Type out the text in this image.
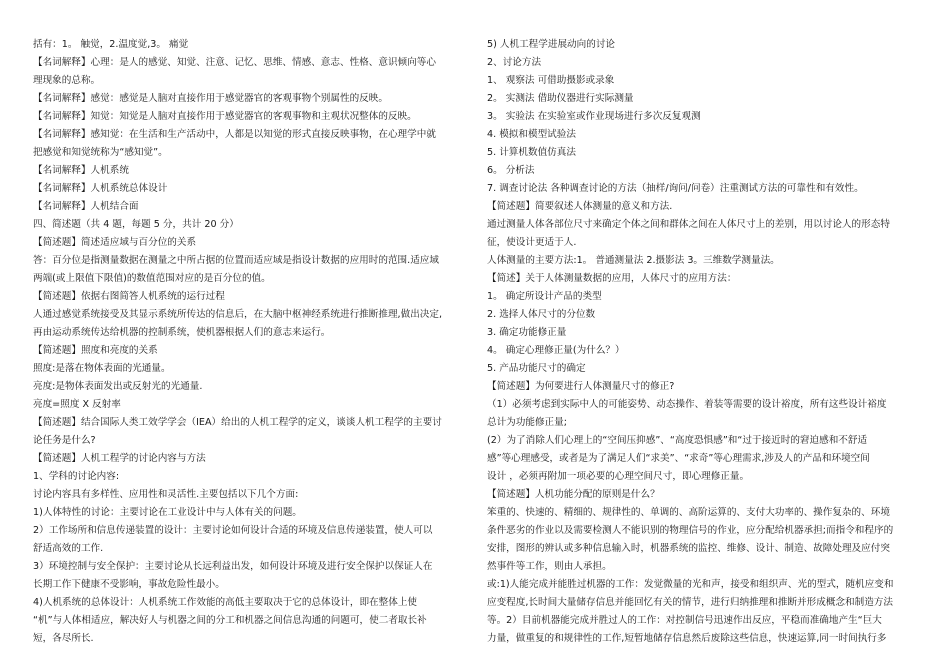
括有：1。 触觉，2.温度觉,3。 痛觉
【名词解释】心理：是人的感觉、知觉、注意、记忆、思维、情感、意志、性格、意识倾向等心
理现象的总称。
【名词解释】感觉：感觉是人脑对直接作用于感觉器官的客观事物个别属性的反映。
【名词解释】知觉：知觉是人脑对直接作用于感觉器官的客观事物和主观状况整体的反映。
【名词解释】感知觉：在生活和生产活动中，人都是以知觉的形式直接反映事物，在心理学中就
把感觉和知觉统称为“感知觉”。
【名词解释】人机系统
【名词解释】人机系统总体设计
【名词解释】人机结合面
四、简述题（共 4 题，每题 5 分，共计 20 分）
【简述题】简述适应域与百分位的关系
答：百分位是指测量数据在测量之中所占据的位置而适应域是指设计数据的应用时的范围.适应域
两端(或上限值下限值)的数值范围对应的是百分位的值。
【简述题】依据右图简答人机系统的运行过程
人通过感觉系统接受及其显示系统所传达的信息后，在大脑中枢神经系统进行推断推理,做出决定,
再由运动系统传达给机器的控制系统，使机器根据人们的意志来运行。
【简述题】照度和亮度的关系
照度:是落在物体表面的光通量。
亮度:是物体表面发出或反射光的光通量.
亮度=照度 X 反射率
【简述题】结合国际人类工效学学会（IEA）给出的人机工程学的定义，谈谈人机工程学的主要讨
论任务是什么?
【简述题】人机工程学的讨论内容与方法
1、学科的讨论内容:
讨论内容具有多样性、应用性和灵活性.主要包括以下几个方面:
1)人体特性的讨论：主要讨论在工业设计中与人体有关的问题。
2）工作场所和信息传递装置的设计：主要讨论如何设计合适的环境及信息传递装置，使人可以
舒适高效的工作.
3）环境控制与安全保护：主要讨论从长远利益出发，如何设计环境及进行安全保护以保证人在
长期工作下健康不受影响，事故危险性最小。
4)人机系统的总体设计：人机系统工作效能的高低主要取决于它的总体设计，即在整体上使
“机”与人体相适应，解决好人与机器之间的分工和机器之间信息沟通的问题可，使二者取长补
短，各尽所长.
5) 人机工程学进展动向的讨论
2、讨论方法
1、 观察法 可借助摄影或录象
2。 实测法 借助仪器进行实际测量
3。 实验法 在实验室或作业现场进行多次反复观测
4. 模拟和模型试验法
5. 计算机数值仿真法
6。 分析法
7. 调查讨论法 各种调查讨论的方法（抽样/询问/问卷）注重测试方法的可靠性和有效性。
【简述题】简要叙述人体测量的意义和方法.
通过测量人体各部位尺寸来确定个体之间和群体之间在人体尺寸上的差别，用以讨论人的形态特
征，使设计更适于人.
人体测量的主要方法:1。 普通测量法 2.摄影法 3。三维数学测量法。
【简述】关于人体测量数据的应用，人体尺寸的应用方法：
1。 确定所设计产品的类型
2. 选择人体尺寸的分位数
3. 确定功能修正量
4。 确定心理修正量(为什么？）
5. 产品功能尺寸的确定
【简述题】为何要进行人体测量尺寸的修正?
（1）必须考虑到实际中人的可能姿势、动态操作、着装等需要的设计裕度，所有这些设计裕度
总计为功能修正量;
(2）为了消除人们心理上的“空间压抑感”、“高度恐惧感”和“过于接近时的窘迫感和不舒适
感”等心理感受，或者是为了满足人们“求美”、“求奇”等心理需求,涉及人的产品和环境空间
设计 ，必须再附加一项必要的心理空间尺寸，即心理修正量。
【简述题】人机功能分配的原则是什么？
笨重的、快速的、精细的、规律性的、单调的、高阶运算的、支付大功率的、操作复杂的、环境
条件恶劣的作业以及需要检测人不能识别的物理信号的作业，应分配给机器承担;而指令和程序的
安排，图形的辨认或多种信息输入时，机器系统的监控、维修、设计、制造、故障处理及应付突
然事件等工作，则由人承担。
或:1)人能完成并能胜过机器的工作：发觉微量的光和声，接受和组织声、光的型式，随机应变和
应变程度,长时间大量储存信息并能回忆有关的情节，进行归纳推理和推断并形成概念和制造方法
等。2）目前机器能完成并胜过人的工作：对控制信号迅速作出反应，平稳而准确地产生“巨大
力量，做重复的和规律性的工作,短暂地储存信息然后废除这些信息，快速运算,同一时间执行多
